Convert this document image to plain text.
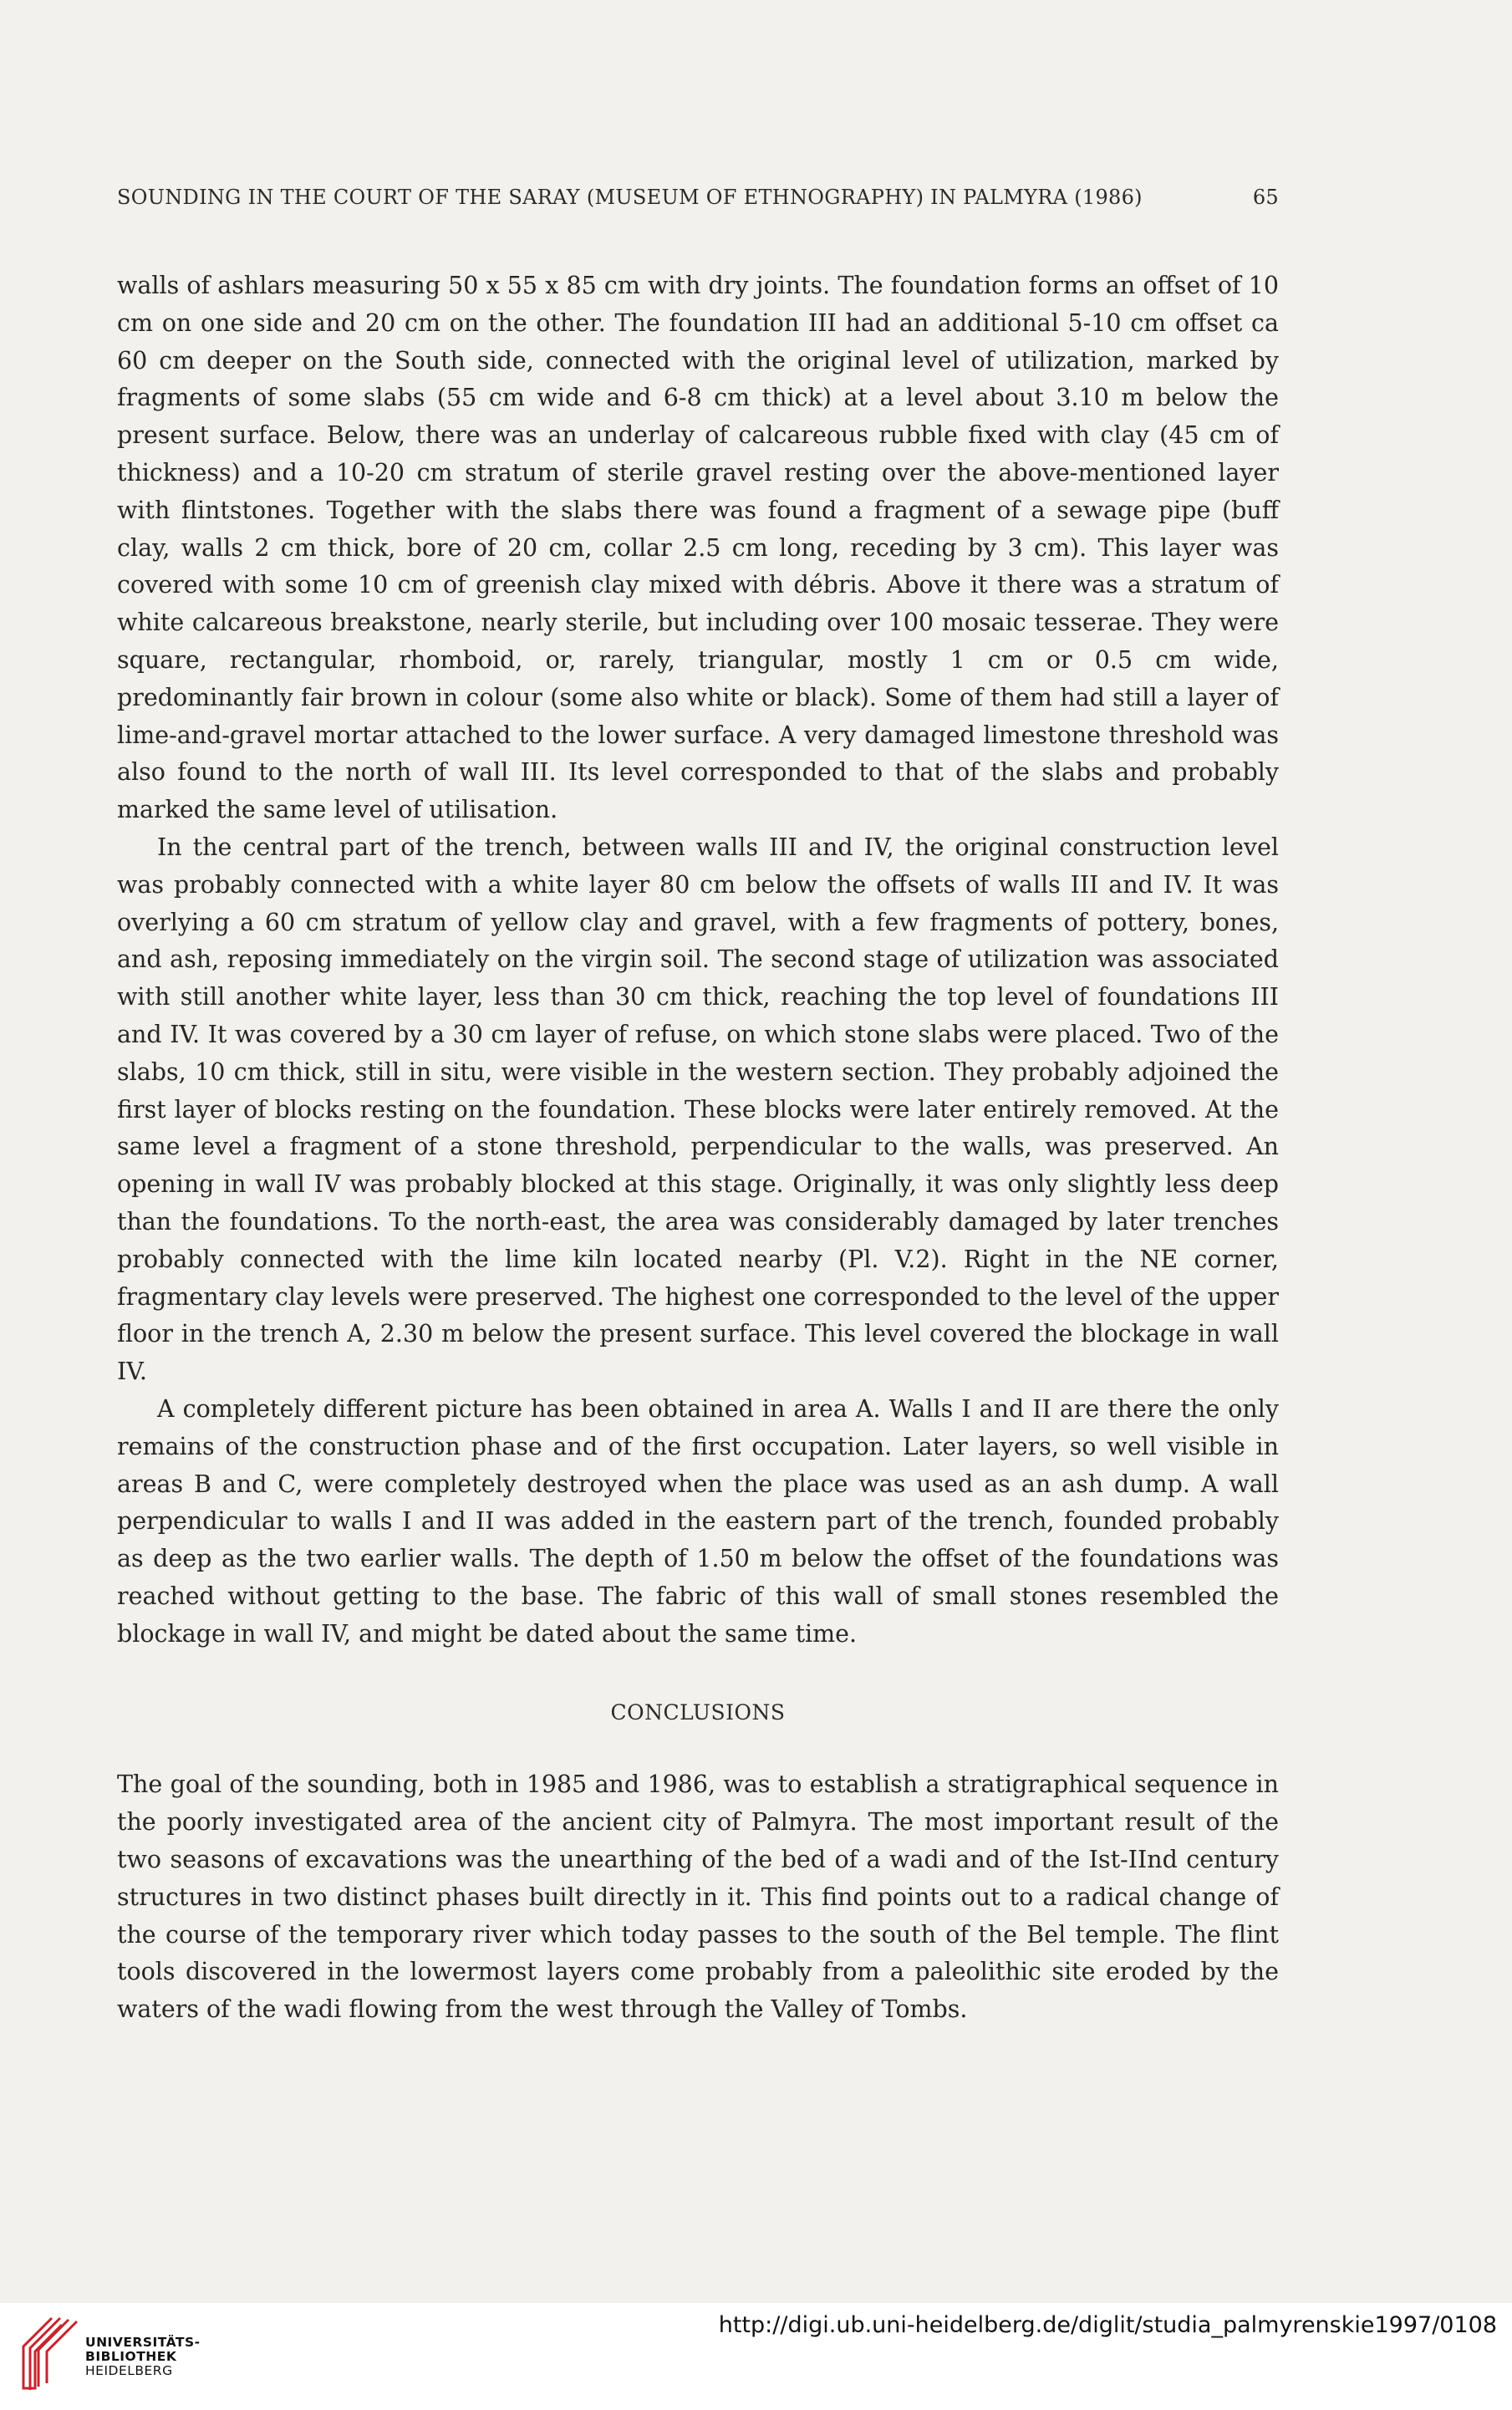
SOUNDING IN THE COURT OF THE SARAY (MUSEUM OF ETHNOGRAPHY) IN PALMYRA (1986)	65

walls of ashlars measuring 50 x 55 x 85 cm with dry joints. The foundation forms an offset of 10 cm on one side and 20 cm on the other. The foundation III had an additional 5-10 cm offset ca 60 cm deeper on the South side, connected with the original level of utilization, marked by fragments of some slabs (55 cm wide and 6-8 cm thick) at a level about 3.10 m below the present surface. Below, there was an underlay of calcareous rubble fixed with clay (45 cm of thickness) and a 10-20 cm stratum of sterile gravel resting over the above-mentioned layer with flintstones. Together with the slabs there was found a fragment of a sewage pipe (buff clay, walls 2 cm thick, bore of 20 cm, collar 2.5 cm long, receding by 3 cm). This layer was covered with some 10 cm of greenish clay mixed with débris. Above it there was a stratum of white calcareous breakstone, nearly sterile, but including over 100 mosaic tesserae. They were square, rectangular, rhomboid, or, rarely, triangular, mostly 1 cm or 0.5 cm wide, predominantly fair brown in colour (some also white or black). Some of them had still a layer of lime-and-gravel mortar attached to the lower surface. A very damaged limestone threshold was also found to the north of wall III. Its level corresponded to that of the slabs and probably marked the same level of utilisation.

In the central part of the trench, between walls III and IV, the original construction level was probably connected with a white layer 80 cm below the offsets of walls III and IV. It was overlying a 60 cm stratum of yellow clay and gravel, with a few fragments of pottery, bones, and ash, reposing immediately on the virgin soil. The second stage of utilization was associated with still another white layer, less than 30 cm thick, reaching the top level of foundations III and IV. It was covered by a 30 cm layer of refuse, on which stone slabs were placed. Two of the slabs, 10 cm thick, still in situ, were visible in the western section. They probably adjoined the first layer of blocks resting on the foundation. These blocks were later entirely removed. At the same level a fragment of a stone threshold, perpendicular to the walls, was preserved. An opening in wall IV was probably blocked at this stage. Originally, it was only slightly less deep than the foundations. To the north-east, the area was considerably damaged by later trenches probably connected with the lime kiln located nearby (Pl. V.2). Right in the NE corner, fragmentary clay levels were preserved. The highest one corresponded to the level of the upper floor in the trench A, 2.30 m below the present surface. This level covered the blockage in wall IV.

A completely different picture has been obtained in area A. Walls I and II are there the only remains of the construction phase and of the first occupation. Later layers, so well visible in areas B and C, were completely destroyed when the place was used as an ash dump. A wall perpendicular to walls I and II was added in the eastern part of the trench, founded probably as deep as the two earlier walls. The depth of 1.50 m below the offset of the foundations was reached without getting to the base. The fabric of this wall of small stones resembled the blockage in wall IV, and might be dated about the same time.

CONCLUSIONS

The goal of the sounding, both in 1985 and 1986, was to establish a stratigraphical sequence in the poorly investigated area of the ancient city of Palmyra. The most important result of the two seasons of excavations was the unearthing of the bed of a wadi and of the Ist-IInd century structures in two distinct phases built directly in it. This find points out to a radical change of the course of the temporary river which today passes to the south of the Bel temple. The flint tools discovered in the lowermost layers come probably from a paleolithic site eroded by the waters of the wadi flowing from the west through the Valley of Tombs.

UNIVERSITÄTS-
BIBLIOTHEK
HEIDELBERG
http://digi.ub.uni-heidelberg.de/diglit/studia_palmyrenskie1997/0108
